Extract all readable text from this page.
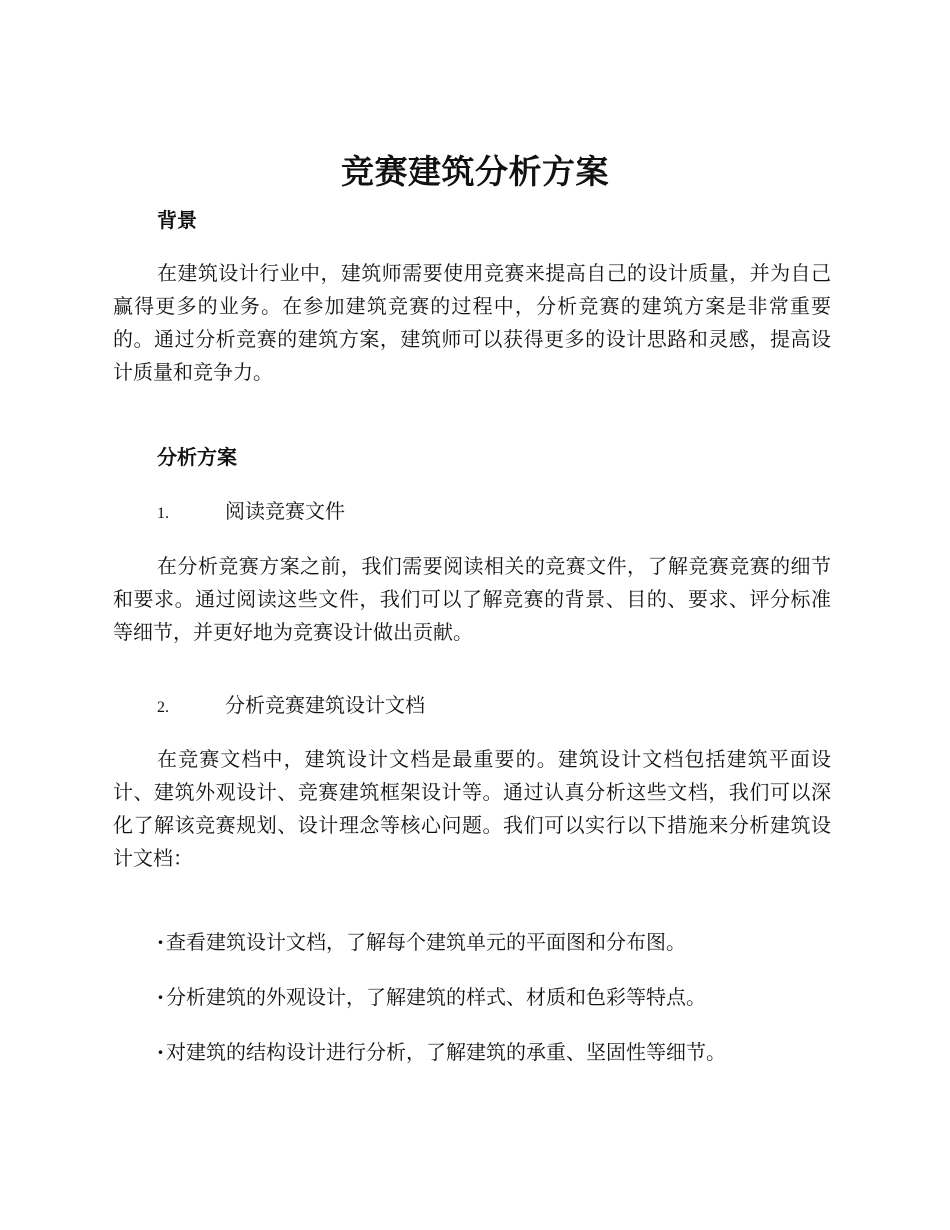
竞赛建筑分析方案
背景

在建筑设计行业中，建筑师需要使用竞赛来提高自己的设计质量，并为自己赢得更多的业务。在参加建筑竞赛的过程中，分析竞赛的建筑方案是非常重要的。通过分析竞赛的建筑方案，建筑师可以获得更多的设计思路和灵感，提高设计质量和竞争力。

分析方案
1.	阅读竞赛文件

在分析竞赛方案之前，我们需要阅读相关的竞赛文件，了解竞赛竞赛的细节和要求。通过阅读这些文件，我们可以了解竞赛的背景、目的、要求、评分标准等细节，并更好地为竞赛设计做出贡献。

2.	分析竞赛建筑设计文档

在竞赛文档中，建筑设计文档是最重要的。建筑设计文档包括建筑平面设计、建筑外观设计、竞赛建筑框架设计等。通过认真分析这些文档，我们可以深化了解该竞赛规划、设计理念等核心问题。我们可以实行以下措施来分析建筑设计文档：

· 查看建筑设计文档，了解每个建筑单元的平面图和分布图。

· 分析建筑的外观设计，了解建筑的样式、材质和色彩等特点。

· 对建筑的结构设计进行分析，了解建筑的承重、坚固性等细节。
